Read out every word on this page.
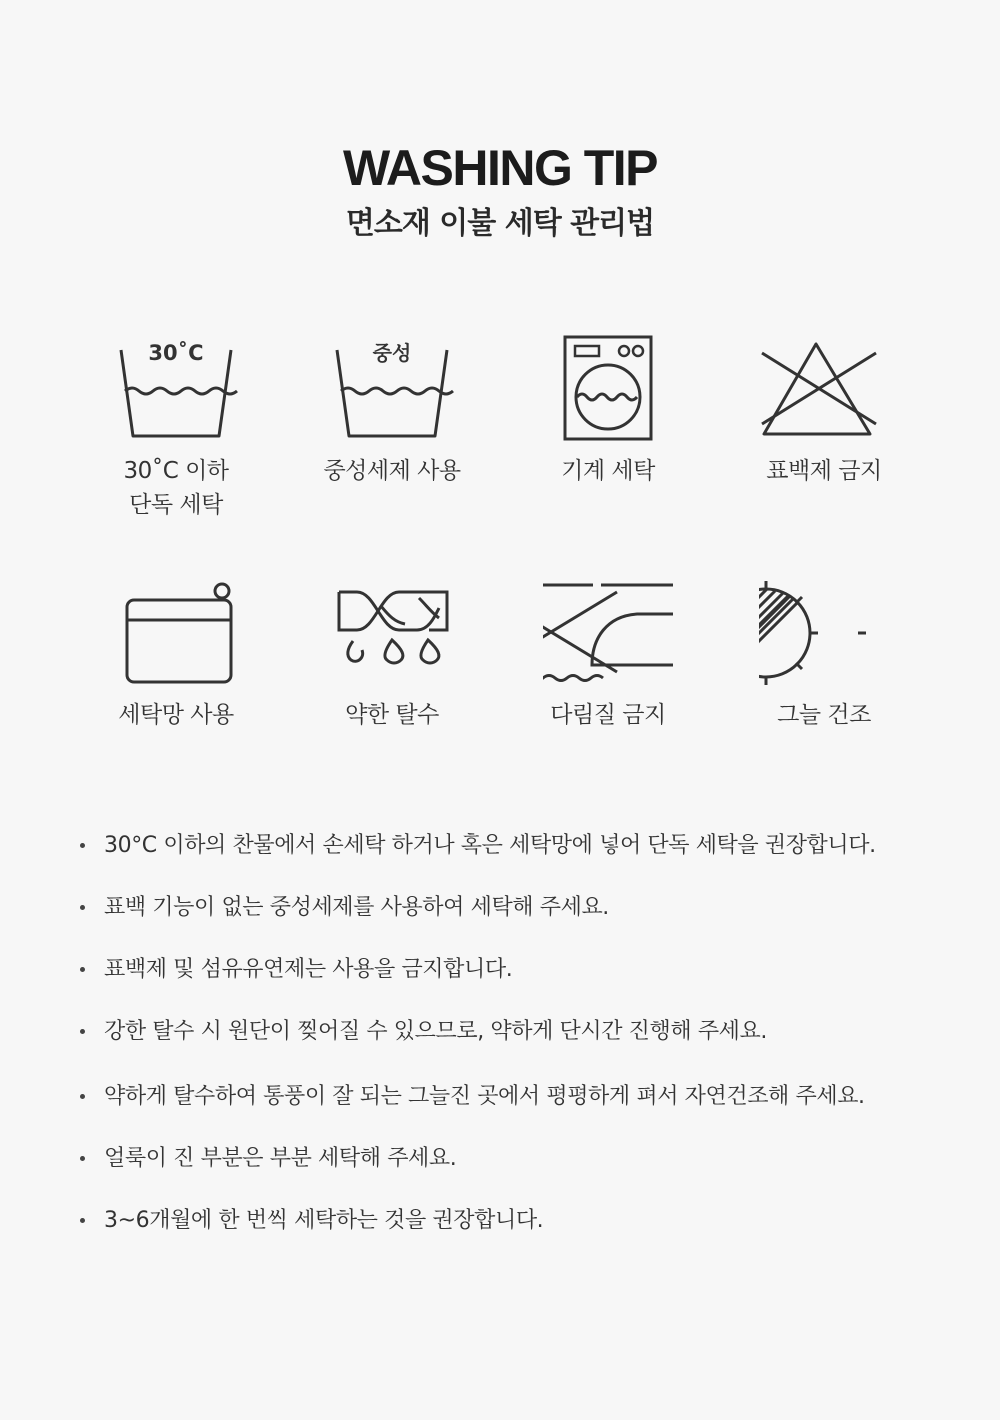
WASHING TIP
면소재 이불 세탁 관리법
30˚C
30˚C 이하
단독 세탁
중성
중성세제 사용	기계 세탁	표백제 금지
세탁망 사용	약한 탈수	다림질 금지	그늘 건조
30°C 이하의 찬물에서 손세탁 하거나 혹은 세탁망에 넣어 단독 세탁을 권장합니다.
표백 기능이 없는 중성세제를 사용하여 세탁해 주세요.
표백제 및 섬유유연제는 사용을 금지합니다.
강한 탈수 시 원단이 찢어질 수 있으므로, 약하게 단시간 진행해 주세요.
약하게 탈수하여 통풍이 잘 되는 그늘진 곳에서 평평하게 펴서 자연건조해 주세요.
얼룩이 진 부분은 부분 세탁해 주세요.
3~6개월에 한 번씩 세탁하는 것을 권장합니다.
